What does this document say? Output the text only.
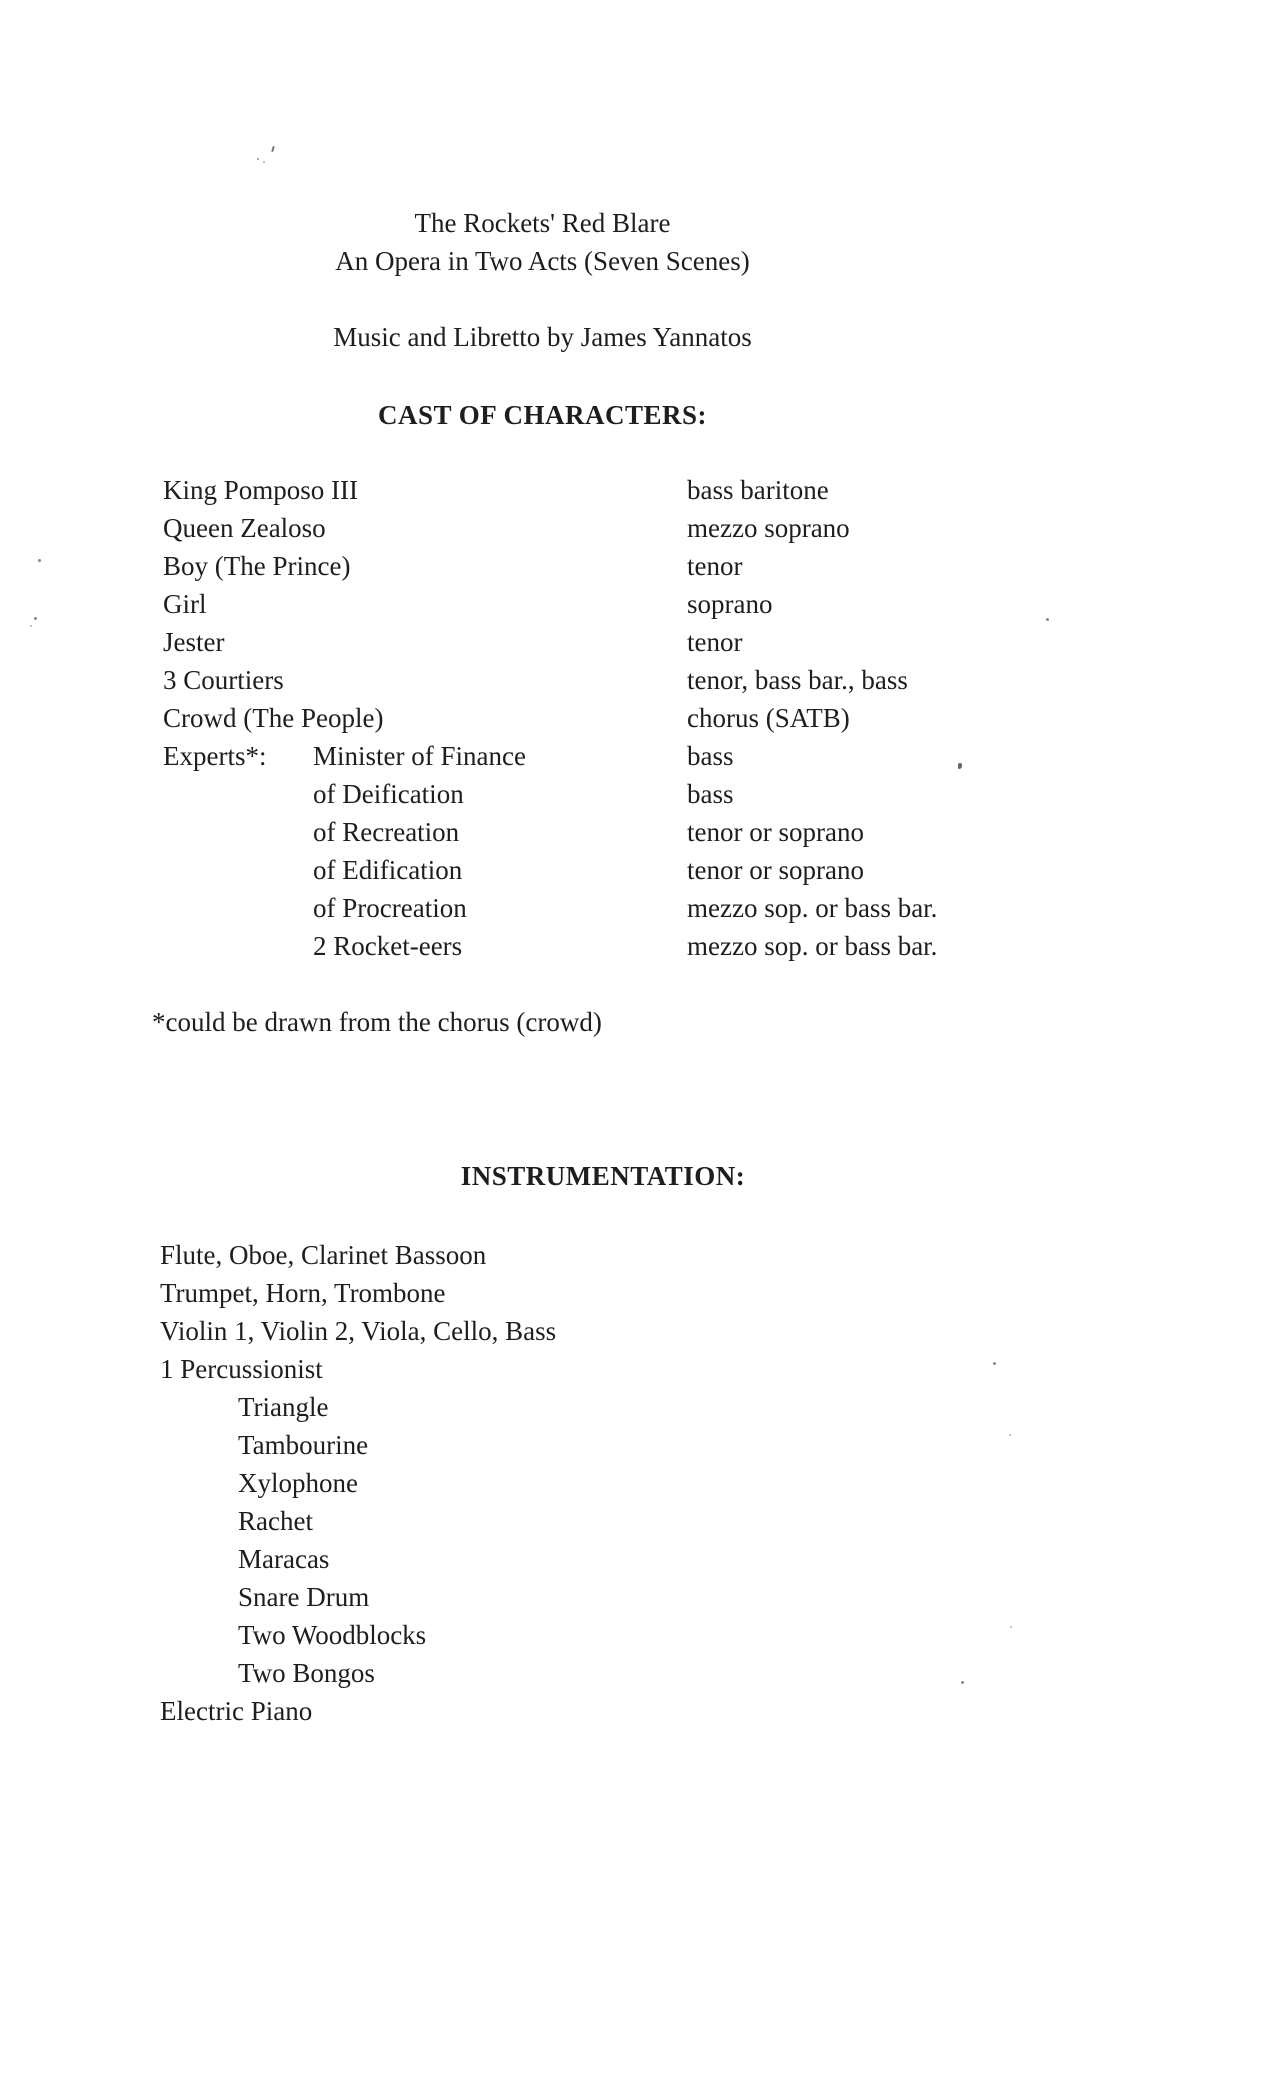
The Rockets' Red Blare
An Opera in Two Acts (Seven Scenes)
Music and Libretto by James Yannatos
CAST OF CHARACTERS:
King Pomposo III	bass baritone
Queen Zealoso	mezzo soprano
Boy (The Prince)	tenor
Girl	soprano
Jester	tenor
3 Courtiers	tenor, bass bar., bass
Crowd (The People)	chorus (SATB)
Experts*: Minister of Finance	bass
of Deification	bass
of Recreation	tenor or soprano
of Edification	tenor or soprano
of Procreation	mezzo sop. or bass bar.
2 Rocket-eers	mezzo sop. or bass bar.
*could be drawn from the chorus (crowd)
INSTRUMENTATION:
Flute, Oboe, Clarinet Bassoon
Trumpet, Horn, Trombone
Violin 1, Violin 2, Viola, Cello, Bass
1 Percussionist
Triangle
Tambourine
Xylophone
Rachet
Maracas
Snare Drum
Two Woodblocks
Two Bongos
Electric Piano
